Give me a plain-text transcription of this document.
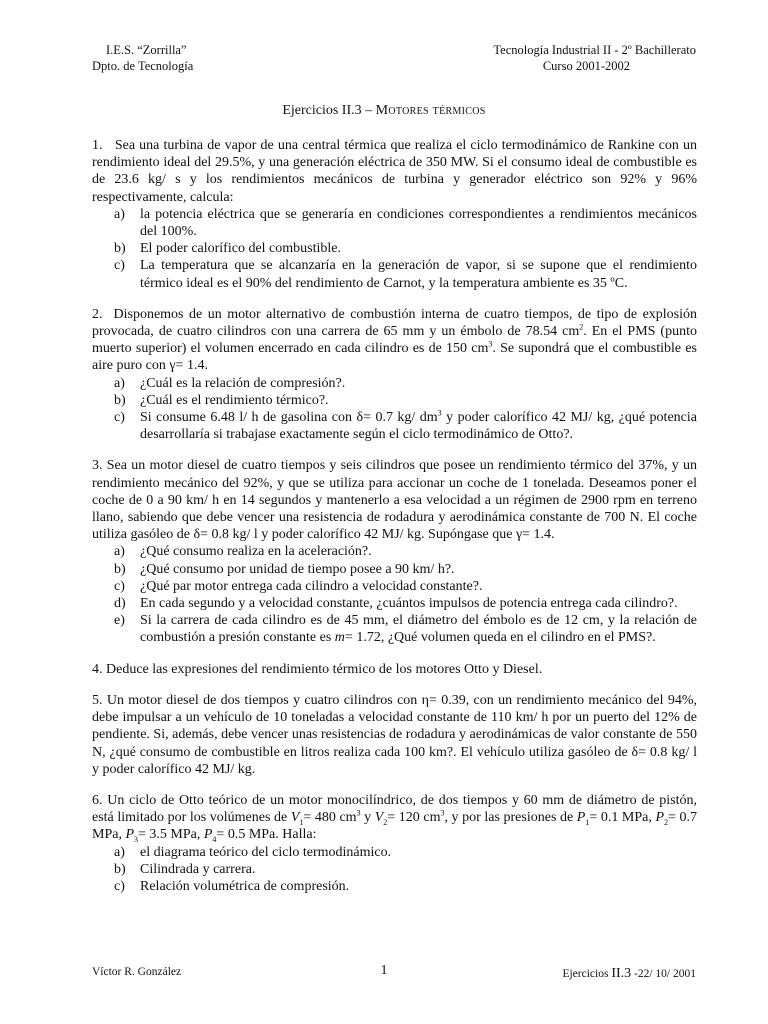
I.E.S. “Zorrilla”
Dpto. de Tecnología
Tecnología Industrial II - 2º Bachillerato
Curso 2001-2002
Ejercicios II.3 – Motores térmicos

1. Sea una turbina de vapor de una central térmica que realiza el ciclo termodinámico de Rankine con un rendimiento ideal del 29.5%, y una generación eléctrica de 350 MW. Si el consumo ideal de combustible es de 23.6 kg/ s y los rendimientos mecánicos de turbina y generador eléctrico son 92% y 96% respectivamente, calcula:

a)	la potencia eléctrica que se generaría en condiciones correspondientes a rendimientos mecánicos del 100%.
b)	El poder calorífico del combustible.
c)	La temperatura que se alcanzaría en la generación de vapor, si se supone que el rendimiento térmico ideal es el 90% del rendimiento de Carnot, y la temperatura ambiente es 35 ºC.

2. Disponemos de un motor alternativo de combustión interna de cuatro tiempos, de tipo de explosión provocada, de cuatro cilindros con una carrera de 65 mm y un émbolo de 78.54 $cm^2$. En el PMS (punto muerto superior) el volumen encerrado en cada cilindro es de 150 $cm^3$. Se supondrá que el combustible es aire puro con γ= 1.4.

a)	¿Cuál es la relación de compresión?.
b)	¿Cuál es el rendimiento térmico?.
c)	Si consume 6.48 l/ h de gasolina con δ= 0.7 kg/ $dm^3$ y poder calorífico 42 MJ/ kg, ¿qué potencia desarrollaría si trabajase exactamente según el ciclo termodinámico de Otto?.

3. Sea un motor diesel de cuatro tiempos y seis cilindros que posee un rendimiento térmico del 37%, y un rendimiento mecánico del 92%, y que se utiliza para accionar un coche de 1 tonelada. Deseamos poner el coche de 0 a 90 km/ h en 14 segundos y mantenerlo a esa velocidad a un régimen de 2900 rpm en terreno llano, sabiendo que debe vencer una resistencia de rodadura y aerodinámica constante de 700 N. El coche utiliza gasóleo de δ= 0.8 kg/ l y poder calorífico 42 MJ/ kg. Supóngase que γ= 1.4.

a)	¿Qué consumo realiza en la aceleración?.
b)	¿Qué consumo por unidad de tiempo posee a 90 km/ h?.
c)	¿Qué par motor entrega cada cilindro a velocidad constante?.
d)	En cada segundo y a velocidad constante, ¿cuántos impulsos de potencia entrega cada cilindro?.
e)	Si la carrera de cada cilindro es de 45 mm, el diámetro del émbolo es de 12 cm, y la relación de combustión a presión constante es m= 1.72, ¿Qué volumen queda en el cilindro en el PMS?.

4. Deduce las expresiones del rendimiento térmico de los motores Otto y Diesel.

5. Un motor diesel de dos tiempos y cuatro cilindros con η= 0.39, con un rendimiento mecánico del 94%, debe impulsar a un vehículo de 10 toneladas a velocidad constante de 110 km/ h por un puerto del 12% de pendiente. Si, además, debe vencer unas resistencias de rodadura y aerodinámicas de valor constante de 550 N, ¿qué consumo de combustible en litros realiza cada 100 km?. El vehículo utiliza gasóleo de δ= 0.8 kg/ l y poder calorífico 42 MJ/ kg.

6. Un ciclo de Otto teórico de un motor monocilíndrico, de dos tiempos y 60 mm de diámetro de pistón, está limitado por los volúmenes de $V_1= 480$ $cm^3$ y $V_2= 120$ $cm^3$, y por las presiones de $P_1= 0.1$ MPa, $P_2= 0.7$ MPa, $P_3= 3.5$ MPa, $P_4= 0.5$ MPa. Halla:

a)	el diagrama teórico del ciclo termodinámico.
b)	Cilindrada y carrera.
c)	Relación volumétrica de compresión.
Víctor R. González	1	Ejercicios II.3 -22/ 10/ 2001
